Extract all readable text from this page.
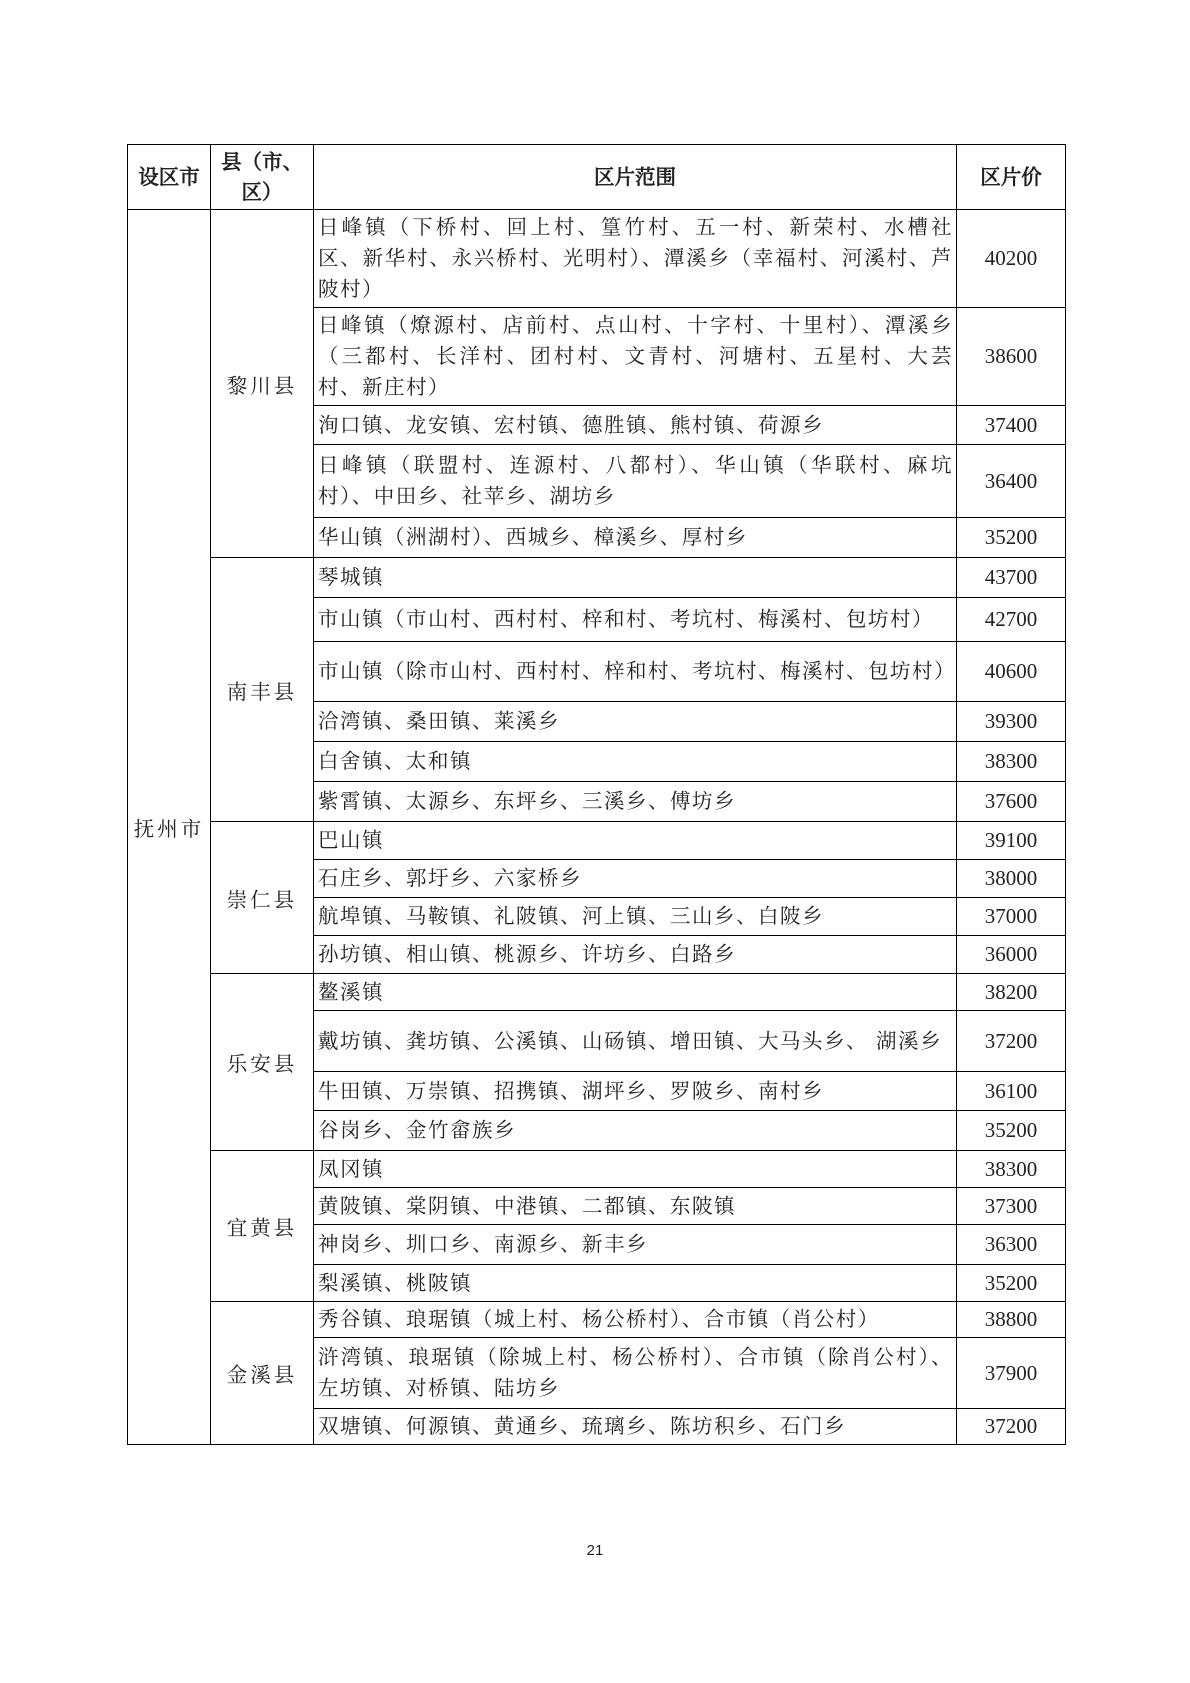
设区市	县（市、区）	区片范围	区片价
抚州市	黎川县	日峰镇（下桥村、回上村、篁竹村、五一村、新荣村、水槽社区、新华村、永兴桥村、光明村）、潭溪乡（幸福村、河溪村、芦陂村）	40200
		日峰镇（燎源村、店前村、点山村、十字村、十里村）、潭溪乡（三都村、长洋村、团村村、文青村、河塘村、五星村、大芸村、新庄村）	38600
		洵口镇、龙安镇、宏村镇、德胜镇、熊村镇、荷源乡	37400
		日峰镇（联盟村、连源村、八都村）、华山镇（华联村、麻坑村）、中田乡、社苹乡、湖坊乡	36400
		华山镇（洲湖村）、西城乡、樟溪乡、厚村乡	35200
	南丰县	琴城镇	43700
		市山镇（市山村、西村村、梓和村、考坑村、梅溪村、包坊村）	42700
		市山镇（除市山村、西村村、梓和村、考坑村、梅溪村、包坊村）	40600
		洽湾镇、桑田镇、莱溪乡	39300
		白舍镇、太和镇	38300
		紫霄镇、太源乡、东坪乡、三溪乡、傅坊乡	37600
	崇仁县	巴山镇	39100
		石庄乡、郭圩乡、六家桥乡	38000
		航埠镇、马鞍镇、礼陂镇、河上镇、三山乡、白陂乡	37000
		孙坊镇、相山镇、桃源乡、许坊乡、白路乡	36000
	乐安县	鳌溪镇	38200
		戴坊镇、龚坊镇、公溪镇、山砀镇、增田镇、大马头乡、 湖溪乡	37200
		牛田镇、万崇镇、招携镇、湖坪乡、罗陂乡、南村乡	36100
		谷岗乡、金竹畲族乡	35200
	宜黄县	凤冈镇	38300
		黄陂镇、棠阴镇、中港镇、二都镇、东陂镇	37300
		神岗乡、圳口乡、南源乡、新丰乡	36300
		梨溪镇、桃陂镇	35200
	金溪县	秀谷镇、琅琚镇（城上村、杨公桥村）、合市镇（肖公村）	38800
		浒湾镇、琅琚镇（除城上村、杨公桥村）、合市镇（除肖公村）、左坊镇、对桥镇、陆坊乡	37900
		双塘镇、何源镇、黄通乡、琉璃乡、陈坊积乡、石门乡	37200
21
